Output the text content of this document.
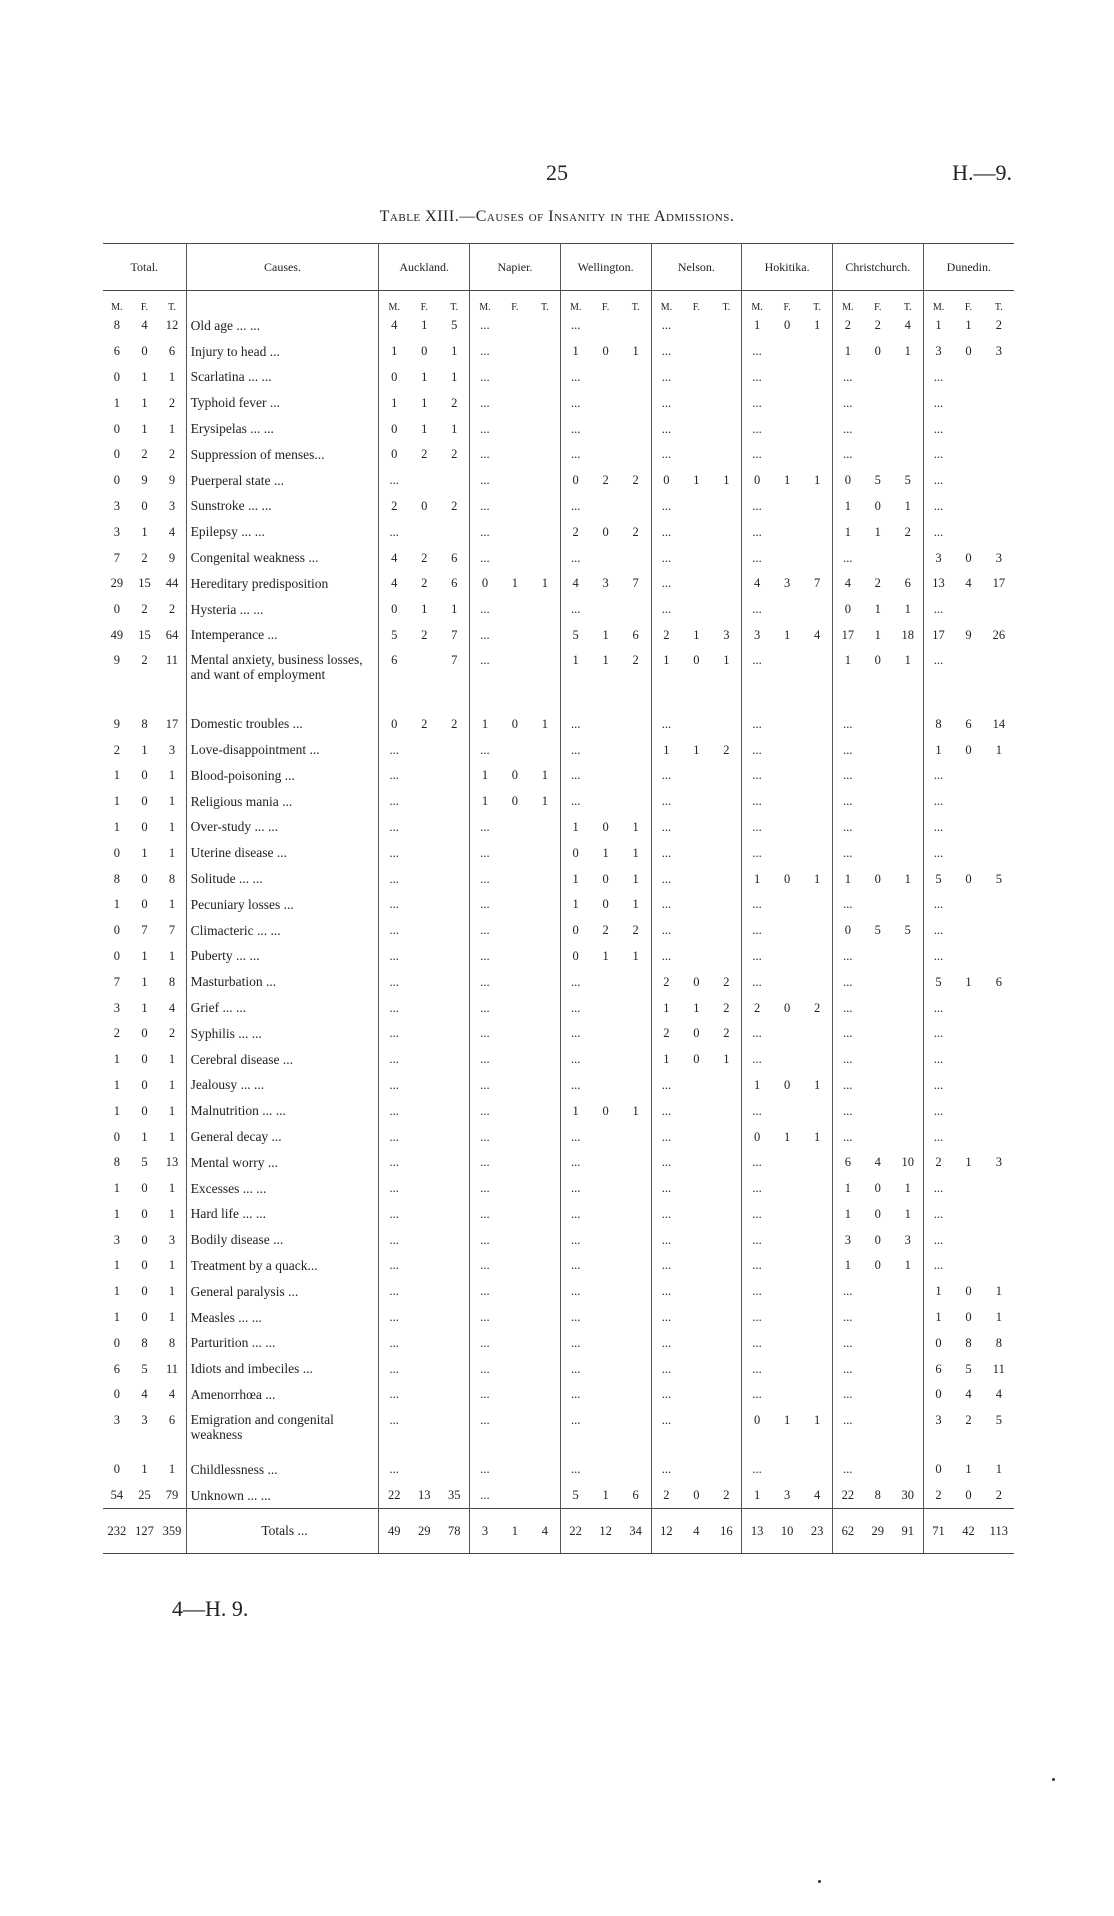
25	H.—9.
Table XIII.—Causes of Insanity in the Admissions.
Total.			Causes.	Auckland.			Napier.			Wellington.			Nelson.			Hokitika.			Christchurch.			Dunedin.		
M.	F.	T.		M.	F.	T.	M.	F.	T.	M.	F.	T.	M.	F.	T.	M.	F.	T.	M.	F.	T.	M.	F.	T.
8	4	12	Old age ... ...	4	1	5	...			...			...			1	0	1	2	2	4	1	1	2
6	0	6	Injury to head ...	1	0	1	...			1	0	1	...			...			1	0	1	3	0	3
0	1	1	Scarlatina ... ...	0	1	1	...			...			...			...			...			...		
1	1	2	Typhoid fever ...	1	1	2	...			...			...			...			...			...		
0	1	1	Erysipelas ... ...	0	1	1	...			...			...			...			...			...		
0	2	2	Suppression of menses...	0	2	2	...			...			...			...			...			...		
0	9	9	Puerperal state ...	...			...			0	2	2	0	1	1	0	1	1	0	5	5	...		
3	0	3	Sunstroke ... ...	2	0	2	...			...			...			...			1	0	1	...		
3	1	4	Epilepsy ... ...	...			...			2	0	2	...			...			1	1	2	...		
7	2	9	Congenital weakness ...	4	2	6	...			...			...			...			...			3	0	3
29	15	44	Hereditary predisposition	4	2	6	0	1	1	4	3	7	...			4	3	7	4	2	6	13	4	17
0	2	2	Hysteria ... ...	0	1	1	...			...			...			...			0	1	1	...		
49	15	64	Intemperance ...	5	2	7	...			5	1	6	2	1	3	3	1	4	17	1	18	17	9	26
9	2	11	Mental anxiety, business losses, and want of employment	6		7	...			1	1	2	1	0	1	...			1	0	1	...		
9	8	17	Domestic troubles ...	0	2	2	1	0	1	...			...			...			...			8	6	14
2	1	3	Love-disappointment ...	...			...			...			1	1	2	...			...			1	0	1
1	0	1	Blood-poisoning ...	...			1	0	1	...			...			...			...			...		
1	0	1	Religious mania ...	...			1	0	1	...			...			...			...			...		
1	0	1	Over-study ... ...	...			...			1	0	1	...			...			...			...		
0	1	1	Uterine disease ...	...			...			0	1	1	...			...			...			...		
8	0	8	Solitude ... ...	...			...			1	0	1	...			1	0	1	1	0	1	5	0	5
1	0	1	Pecuniary losses ...	...			...			1	0	1	...			...			...			...		
0	7	7	Climacteric ... ...	...			...			0	2	2	...			...			0	5	5	...		
0	1	1	Puberty ... ...	...			...			0	1	1	...			...			...			...		
7	1	8	Masturbation ...	...			...			...			2	0	2	...			...			5	1	6
3	1	4	Grief ... ...	...			...			...			1	1	2	2	0	2	...			...		
2	0	2	Syphilis ... ...	...			...			...			2	0	2	...			...			...		
1	0	1	Cerebral disease ...	...			...			...			1	0	1	...			...			...		
1	0	1	Jealousy ... ...	...			...			...			...			1	0	1	...			...		
1	0	1	Malnutrition ... ...	...			...			1	0	1	...			...			...			...		
0	1	1	General decay ...	...			...			...			...			0	1	1	...			...		
8	5	13	Mental worry ...	...			...			...			...			...			6	4	10	2	1	3
1	0	1	Excesses ... ...	...			...			...			...			...			1	0	1	...		
1	0	1	Hard life ... ...	...			...			...			...			...			1	0	1	...		
3	0	3	Bodily disease ...	...			...			...			...			...			3	0	3	...		
1	0	1	Treatment by a quack...	...			...			...			...			...			1	0	1	...		
1	0	1	General paralysis ...	...			...			...			...			...			...			1	0	1
1	0	1	Measles ... ...	...			...			...			...			...			...			1	0	1
0	8	8	Parturition ... ...	...			...			...			...			...			...			0	8	8
6	5	11	Idiots and imbeciles ...	...			...			...			...			...			...			6	5	11
0	4	4	Amenorrhœa ...	...			...			...			...			...			...			0	4	4
3	3	6	Emigration and congenital weakness	...			...			...			...			0	1	1	...			3	2	5
0	1	1	Childlessness ...	...			...			...			...			...			...			0	1	1
54	25	79	Unknown ... ...	22	13	35	...			5	1	6	2	0	2	1	3	4	22	8	30	2	0	2
232	127	359	Totals ...	49	29	78	3	1	4	22	12	34	12	4	16	13	10	23	62	29	91	71	42	113
4—H. 9.
